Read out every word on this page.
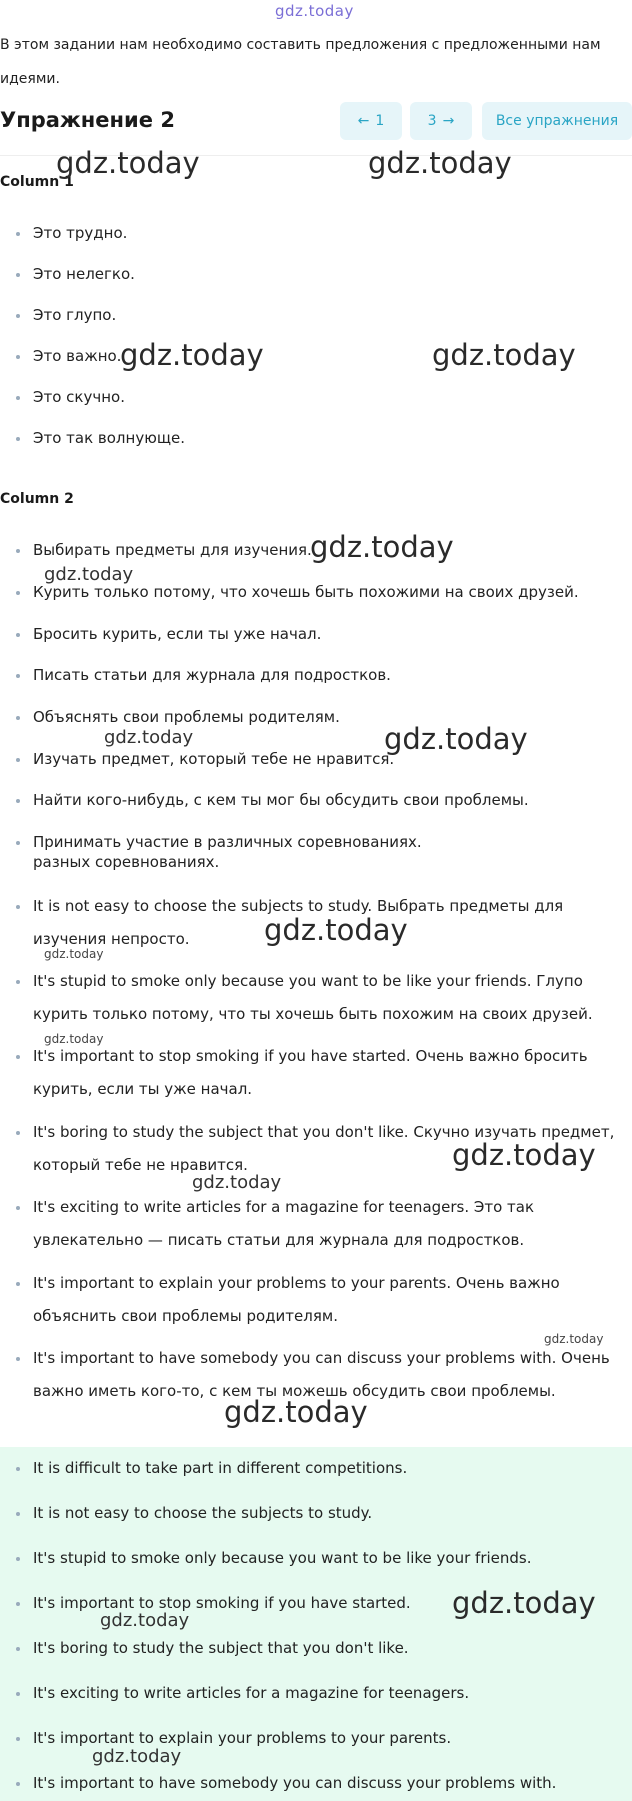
gdz.today

В этом задании нам необходимо составить предложения с предложенными нам идеями.

Упражнение 2	← 1	3 →	Все упражнения
Column 1
Это трудно.
Это нелегко.
Это глупо.
Это важно.
Это скучно.
Это так волнующе.
Column 2
Выбирать предметы для изучения.
Курить только потому, что хочешь быть похожими на своих друзей.
Бросить курить, если ты уже начал.
Писать статьи для журнала для подростков.
Объяснять свои проблемы родителям.
Изучать предмет, который тебе не нравится.
Найти кого-нибудь, с кем ты мог бы обсудить свои проблемы.
Принимать участие в различных соревнованиях. разных соревнованиях.
It is not easy to choose the subjects to study. Выбрать предметы для изучения непросто.
It's stupid to smoke only because you want to be like your friends. Глупо курить только потому, что ты хочешь быть похожим на своих друзей.
It's important to stop smoking if you have started. Очень важно бросить курить, если ты уже начал.
It's boring to study the subject that you don't like. Скучно изучать предмет, который тебе не нравится.
It's exciting to write articles for a magazine for teenagers. Это так увлекательно — писать статьи для журнала для подростков.
It's important to explain your problems to your parents. Очень важно объяснить свои проблемы родителям.
It's important to have somebody you can discuss your problems with. Очень важно иметь кого-то, с кем ты можешь обсудить свои проблемы.
It is difficult to take part in different competitions.
It is not easy to choose the subjects to study.
It's stupid to smoke only because you want to be like your friends.
It's important to stop smoking if you have started.
It's boring to study the subject that you don't like.
It's exciting to write articles for a magazine for teenagers.
It's important to explain your problems to your parents.
It's important to have somebody you can discuss your problems with.
gdz.today	gdz.today
gdz.today	gdz.today
gdz.today
gdz.today
gdz.today	gdz.today
gdz.today
gdz.today
gdz.today
gdz.today
gdz.today
gdz.today
gdz.today
gdz.today
gdz.today
gdz.today
